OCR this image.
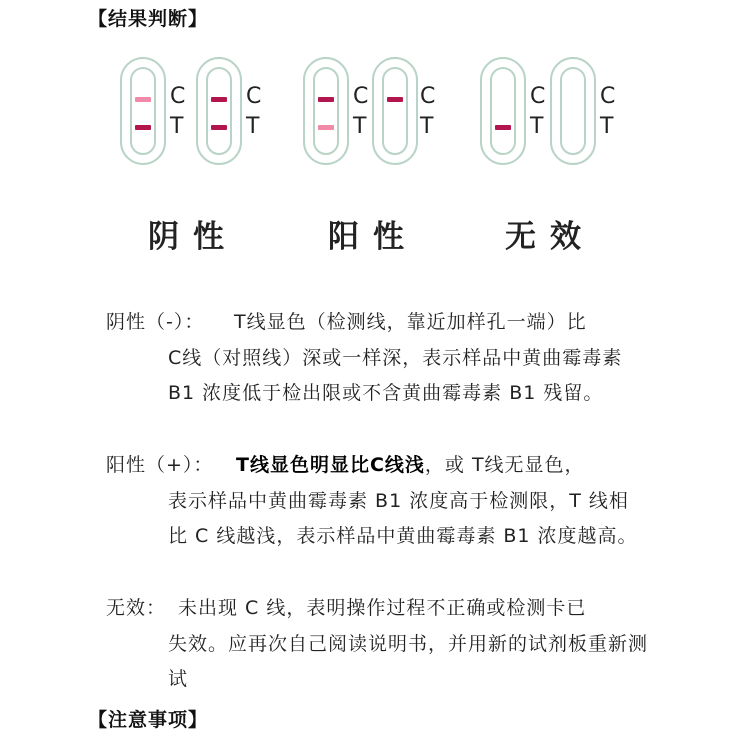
【结果判断】
C
T
C
T
C
T
C
T
C
T
C
T
阴性	阳性	无效
阴性（-）： T线显色（检测线，靠近加样孔一端）比
C线（对照线）深或一样深，表示样品中黄曲霉毒素 B1 浓度低于检出限或不含黄曲霉毒素 B1 残留。
阳性（+）： T线显色明显比C线浅，或 T线无显色，
表示样品中黄曲霉毒素 B1 浓度高于检测限，T 线相比 C 线越浅，表示样品中黄曲霉毒素 B1 浓度越高。
无效： 未出现 C 线，表明操作过程不正确或检测卡已
失效。应再次自己阅读说明书，并用新的试剂板重新测试
【注意事项】
